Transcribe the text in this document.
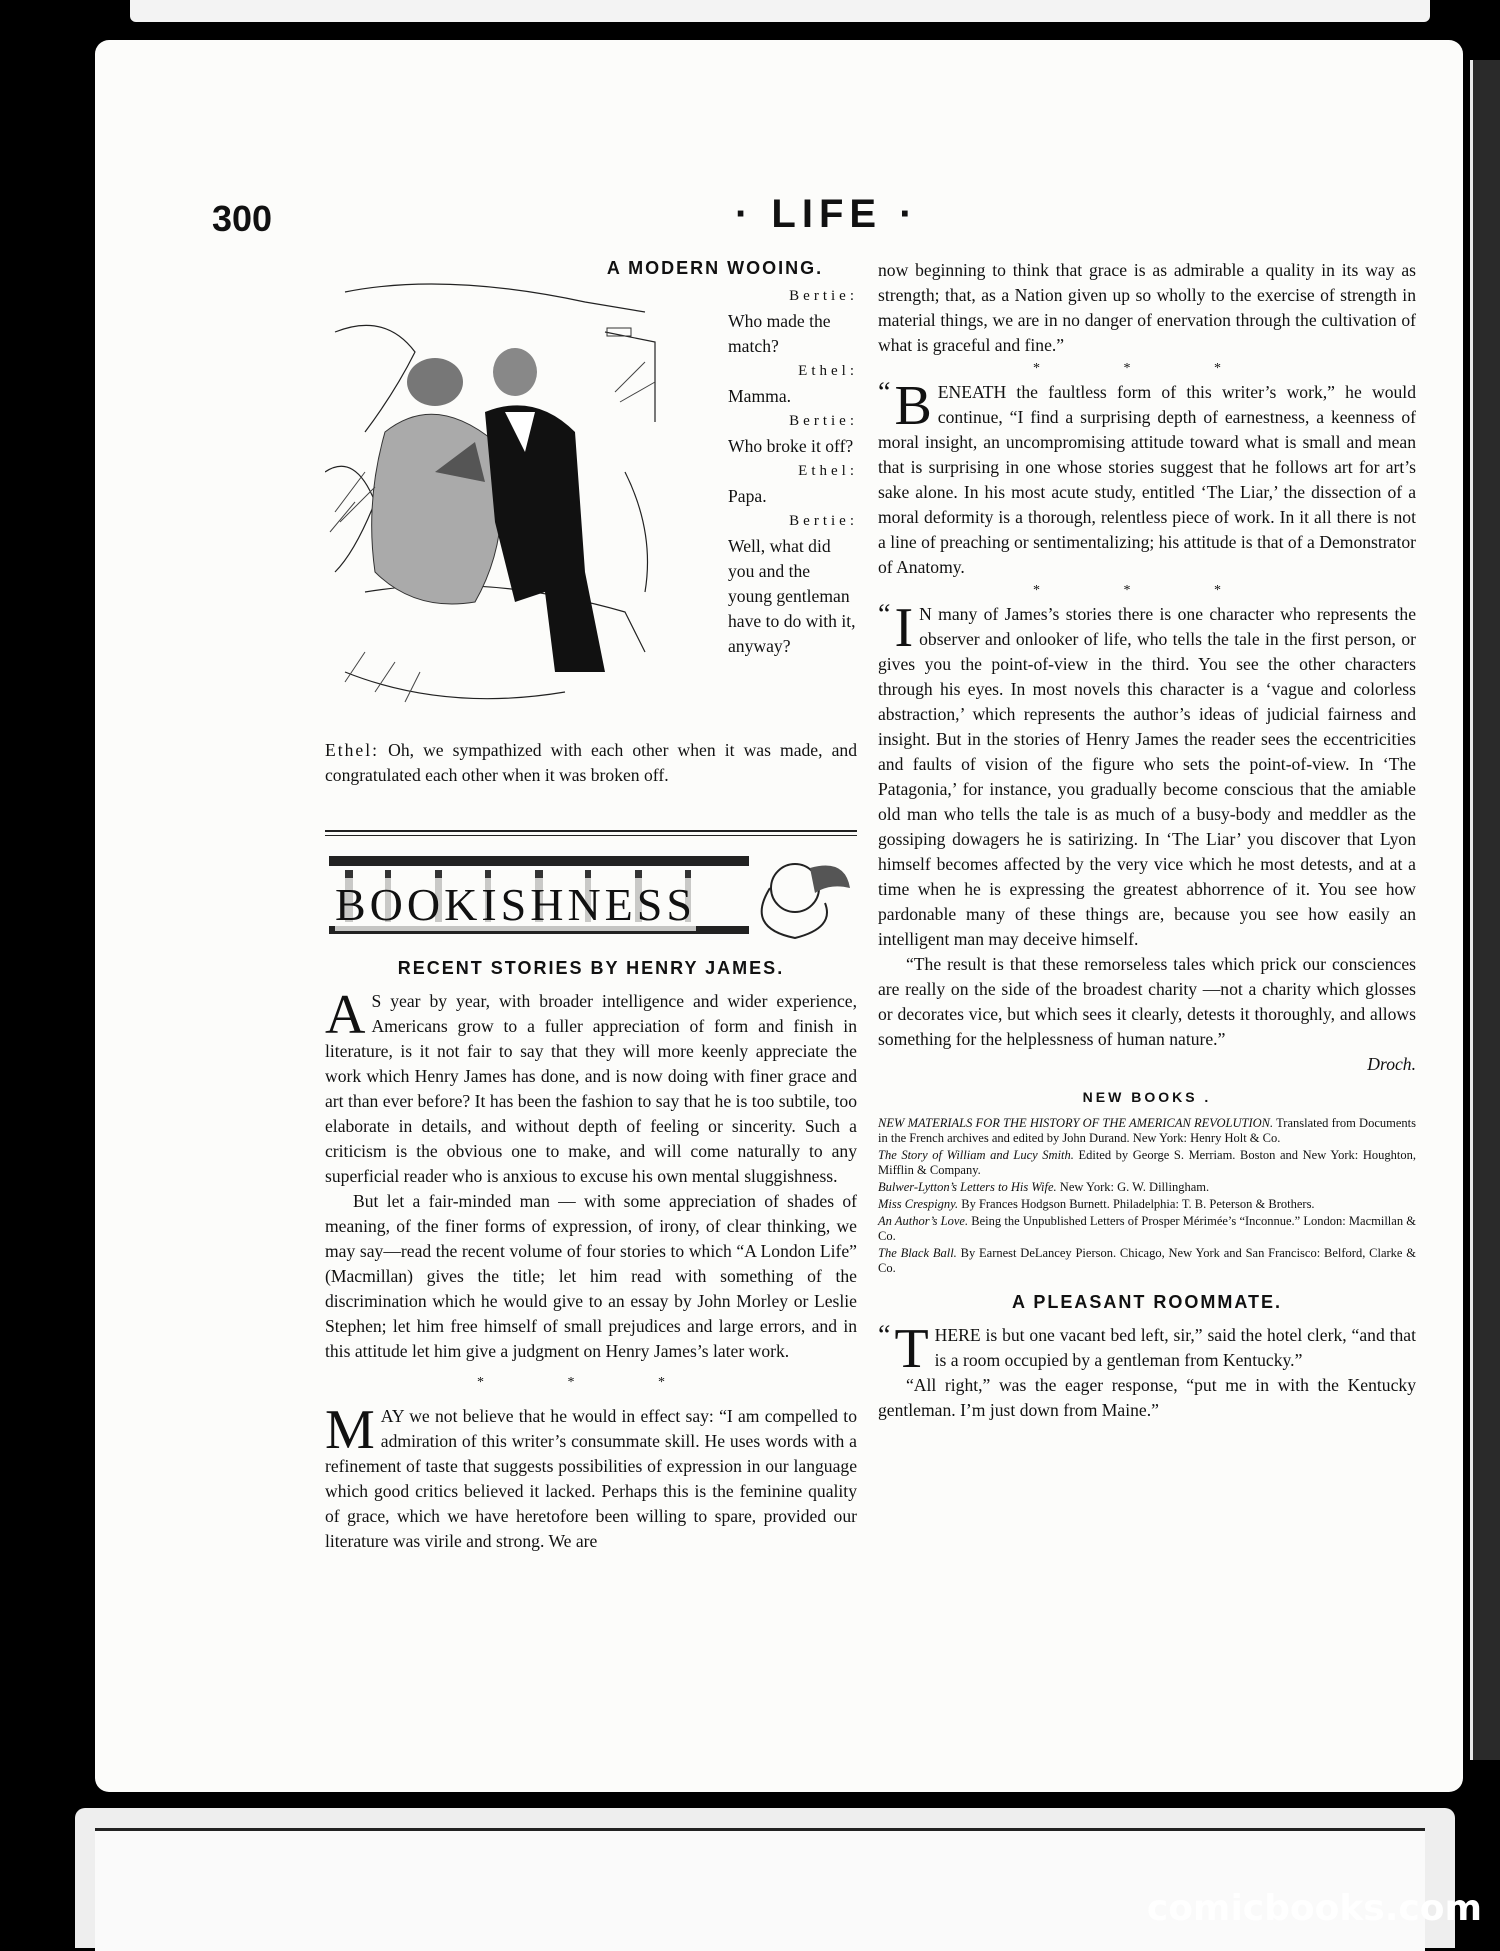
300	· LIFE ·
A MODERN WOOING.
Bertie:
Who made the match?
Ethel:
Mamma.
Bertie:
Who broke it off?
Ethel:
Papa.
Bertie:
Well, what did you and the young gentleman have to do with it, anyway?
Ethel: Oh, we sympathized with each other when it was made, and congratulated each other when it was broken off.
BOOKISHNESS
RECENT STORIES BY HENRY JAMES.

A S year by year, with broader intelligence and wider experience, Americans grow to a fuller appreciation of form and finish in literature, is it not fair to say that they will more keenly appreciate the work which Henry James has done, and is now doing with finer grace and art than ever before? It has been the fashion to say that he is too subtile, too elaborate in details, and without depth of feeling or sincerity. Such a criticism is the obvious one to make, and will come naturally to any superficial reader who is anxious to excuse his own mental sluggishness.

But let a fair-minded man — with some appreciation of shades of meaning, of the finer forms of expression, of irony, of clear thinking, we may say—read the recent volume of four stories to which “A London Life” (Macmillan) gives the title; let him read with something of the discrimination which he would give to an essay by John Morley or Leslie Stephen; let him free himself of small prejudices and large errors, and in this attitude let him give a judgment on Henry James’s later work.

* * *

MAY we not believe that he would in effect say: “I am compelled to admiration of this writer’s consummate skill. He uses words with a refinement of taste that suggests possibilities of expression in our language which good critics believed it lacked. Perhaps this is the feminine quality of grace, which we have heretofore been willing to spare, provided our literature was virile and strong. We are

now beginning to think that grace is as admirable a quality in its way as strength; that, as a Nation given up so wholly to the exercise of strength in material things, we are in no danger of enervation through the cultivation of what is graceful and fine.”

* * *

“ B ENEATH the faultless form of this writer’s work,” he would continue, “I find a surprising depth of earnestness, a keenness of moral insight, an uncompromising attitude toward what is small and mean that is surprising in one whose stories suggest that he follows art for art’s sake alone. In his most acute study, entitled ‘The Liar,’ the dissection of a moral deformity is a thorough, relentless piece of work. In it all there is not a line of preaching or sentimentalizing; his attitude is that of a Demonstrator of Anatomy.

* * *

“ I N many of James’s stories there is one character who represents the observer and onlooker of life, who tells the tale in the first person, or gives you the point-of-view in the third. You see the other characters through his eyes. In most novels this character is a ‘vague and colorless abstraction,’ which represents the author’s ideas of judicial fairness and insight. But in the stories of Henry James the reader sees the eccentricities and faults of vision of the figure who sets the point-of-view. In ‘The Patagonia,’ for instance, you gradually become conscious that the amiable old man who tells the tale is as much of a busy-body and meddler as the gossiping dowagers he is satirizing. In ‘The Liar’ you discover that Lyon himself becomes affected by the very vice which he most detests, and at a time when he is expressing the greatest abhorrence of it. You see how pardonable many of these things are, because you see how easily an intelligent man may deceive himself.

“The result is that these remorseless tales which prick our consciences are really on the side of the broadest charity —not a charity which glosses or decorates vice, but which sees it clearly, detests it thoroughly, and allows something for the helplessness of human nature.”

Droch.

NEW BOOKS .

NEW MATERIALS FOR THE HISTORY OF THE AMERICAN REVOLUTION. Translated from Documents in the French archives and edited by John Durand. New York: Henry Holt & Co.

The Story of William and Lucy Smith. Edited by George S. Merriam. Boston and New York: Houghton, Mifflin & Company.

Bulwer-Lytton’s Letters to His Wife. New York: G. W. Dillingham.

Miss Crespigny. By Frances Hodgson Burnett. Philadelphia: T. B. Peterson & Brothers.

An Author’s Love. Being the Unpublished Letters of Prosper Mérimée’s “Inconnue.” London: Macmillan & Co.

The Black Ball. By Earnest DeLancey Pierson. Chicago, New York and San Francisco: Belford, Clarke & Co.

A PLEASANT ROOMMATE.

“ T HERE is but one vacant bed left, sir,” said the hotel clerk, “and that is a room occupied by a gentleman from Kentucky.”

“All right,” was the eager response, “put me in with the Kentucky gentleman. I’m just down from Maine.”

comicbooks.com
